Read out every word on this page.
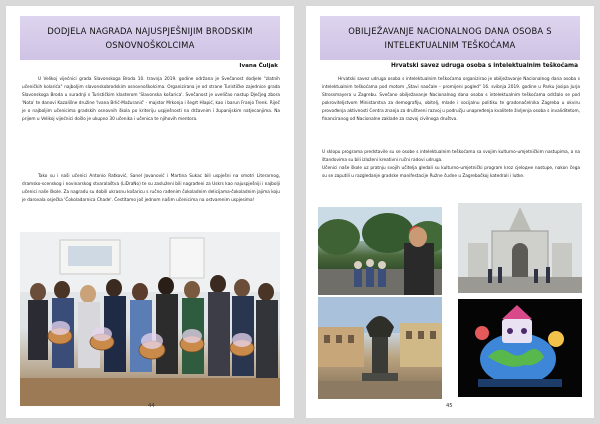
DODJELA NAGRADA NAJUSPJEŠNIJIM BRODSKIM
OSNOVNOŠKOLCIMA
Ivana Čuljak

U Velikoj vijećnici grada Slavonskoga Broda 10. travnja 2019. godine održana je Svečanost dodjele "zlatnih učeničkih kolarića" najboljim slavonskobrodskim osnovnoškolcima. Organizirana je od strane Turističke zajednice grada Slavonskoga Broda u suradnji s Turističkim klasterom 'Slavonska košarica'. Svečanost je uveličao nastup Dječjeg zbora 'Nota' te danovi Kazališne družine 'Ivana Brlić-Mažuranić' - majstor Mrkonja i šegrt Hlapić, kao i barun Franjo Trenk. Riječ je o najboljim učenicima gradskih osnovnih škola po kriteriju uspješnosti na državnim i županijskim natjecanjima. Na prijem u Velikoj vijećnici došlo je ukupno 30 učenika i učenica te njihovih mentora.

Tako su i naši učenici Antonio Ratković, Sanel Jovanović i Martina Sukac bili uspješni na smotri Literarnog, dramsko-scenskog i novinarskog stvaralaštva (LiDraNo) te su zasluženi bili nagrađeni za Uskrs kao najuspješniji i najbolji učenici naše škole. Za nagradu su dobili ukrasnu košaricu s ručno rađenim čokoladnim delicijama-čokoladnim jajima koju je darovala osječka 'Čokoladarnica Chade'. Čestitamo još jednom našim učenicima na ostvarenim uspjesima!

44
OBILJEŽAVANJE NACIONALNOG DANA OSOBA S
INTELEKTUALNIM TEŠKOĆAMA
Hrvatski savez udruga osoba s intelektualnim teškoćama

Hrvatski savez udruga osoba s intelektualnim teškoćama organizirao je obilježavanje Nacionalnog dana osoba s intelektualnim teškoćama pod motom „Stavi naočale – promijeni pogled" 16. svibnja 2019. godine u Parku Josipa Jurja Strossmayera u Zagrebu. Svečano obilježavanje Nacionalnog dana osoba s intelektualnim teškoćama održalo se pod pokroviteljstvom Ministarstva za demografiju, obitelj, mlade i socijalnu politiku te gradonačelnika Zagreba u okviru provođenja aktivnosti Centra znanja za društveni razvoj u području unapređenja kvalitete življenja osoba s invaliditetom, financiranog od Nacionalne zaklade za razvoj civilnoga društva.

U sklopu programa predstavile su se osobe s intelektualnim teškoćama sa svojim kulturno-umjetničkim nastupima, a na štandovima su bili izloženi kreativni ručni radovi udruga.

Učenici naše škole uz pratnju svojih učitelja gledali su kulturno-umjetnički program kroz cjeloдне nastupe, nakon čega su se zaputili u razgledanje gradske manifestacije Ružne čudne u Zagrebačkoj katedrali i lutke.

45
